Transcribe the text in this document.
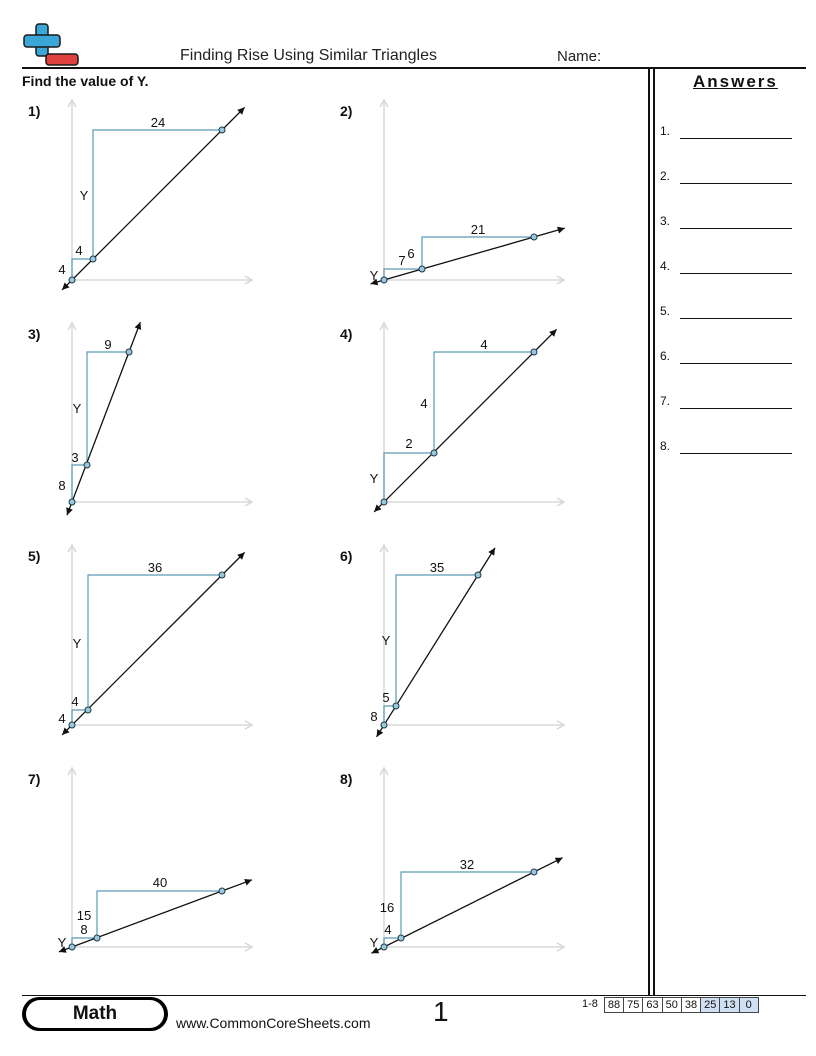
Finding Rise Using Similar Triangles	Name:
Find the value of Y.	Answers
1.
2.
3.
4.
5.
6.
7.
8.
1)	2)
3)	4)
5)	6)
7)	8)
24
Y
4
4
21
6
7
Y
9
Y
3
8
4
4
2
Y
36
Y
4
4
35
Y
5
8
40
15
8
Y
32
16
4
Y
Math	www.CommonCoreSheets.com 1	1-8 88 75 63 50 38 25 13 0
